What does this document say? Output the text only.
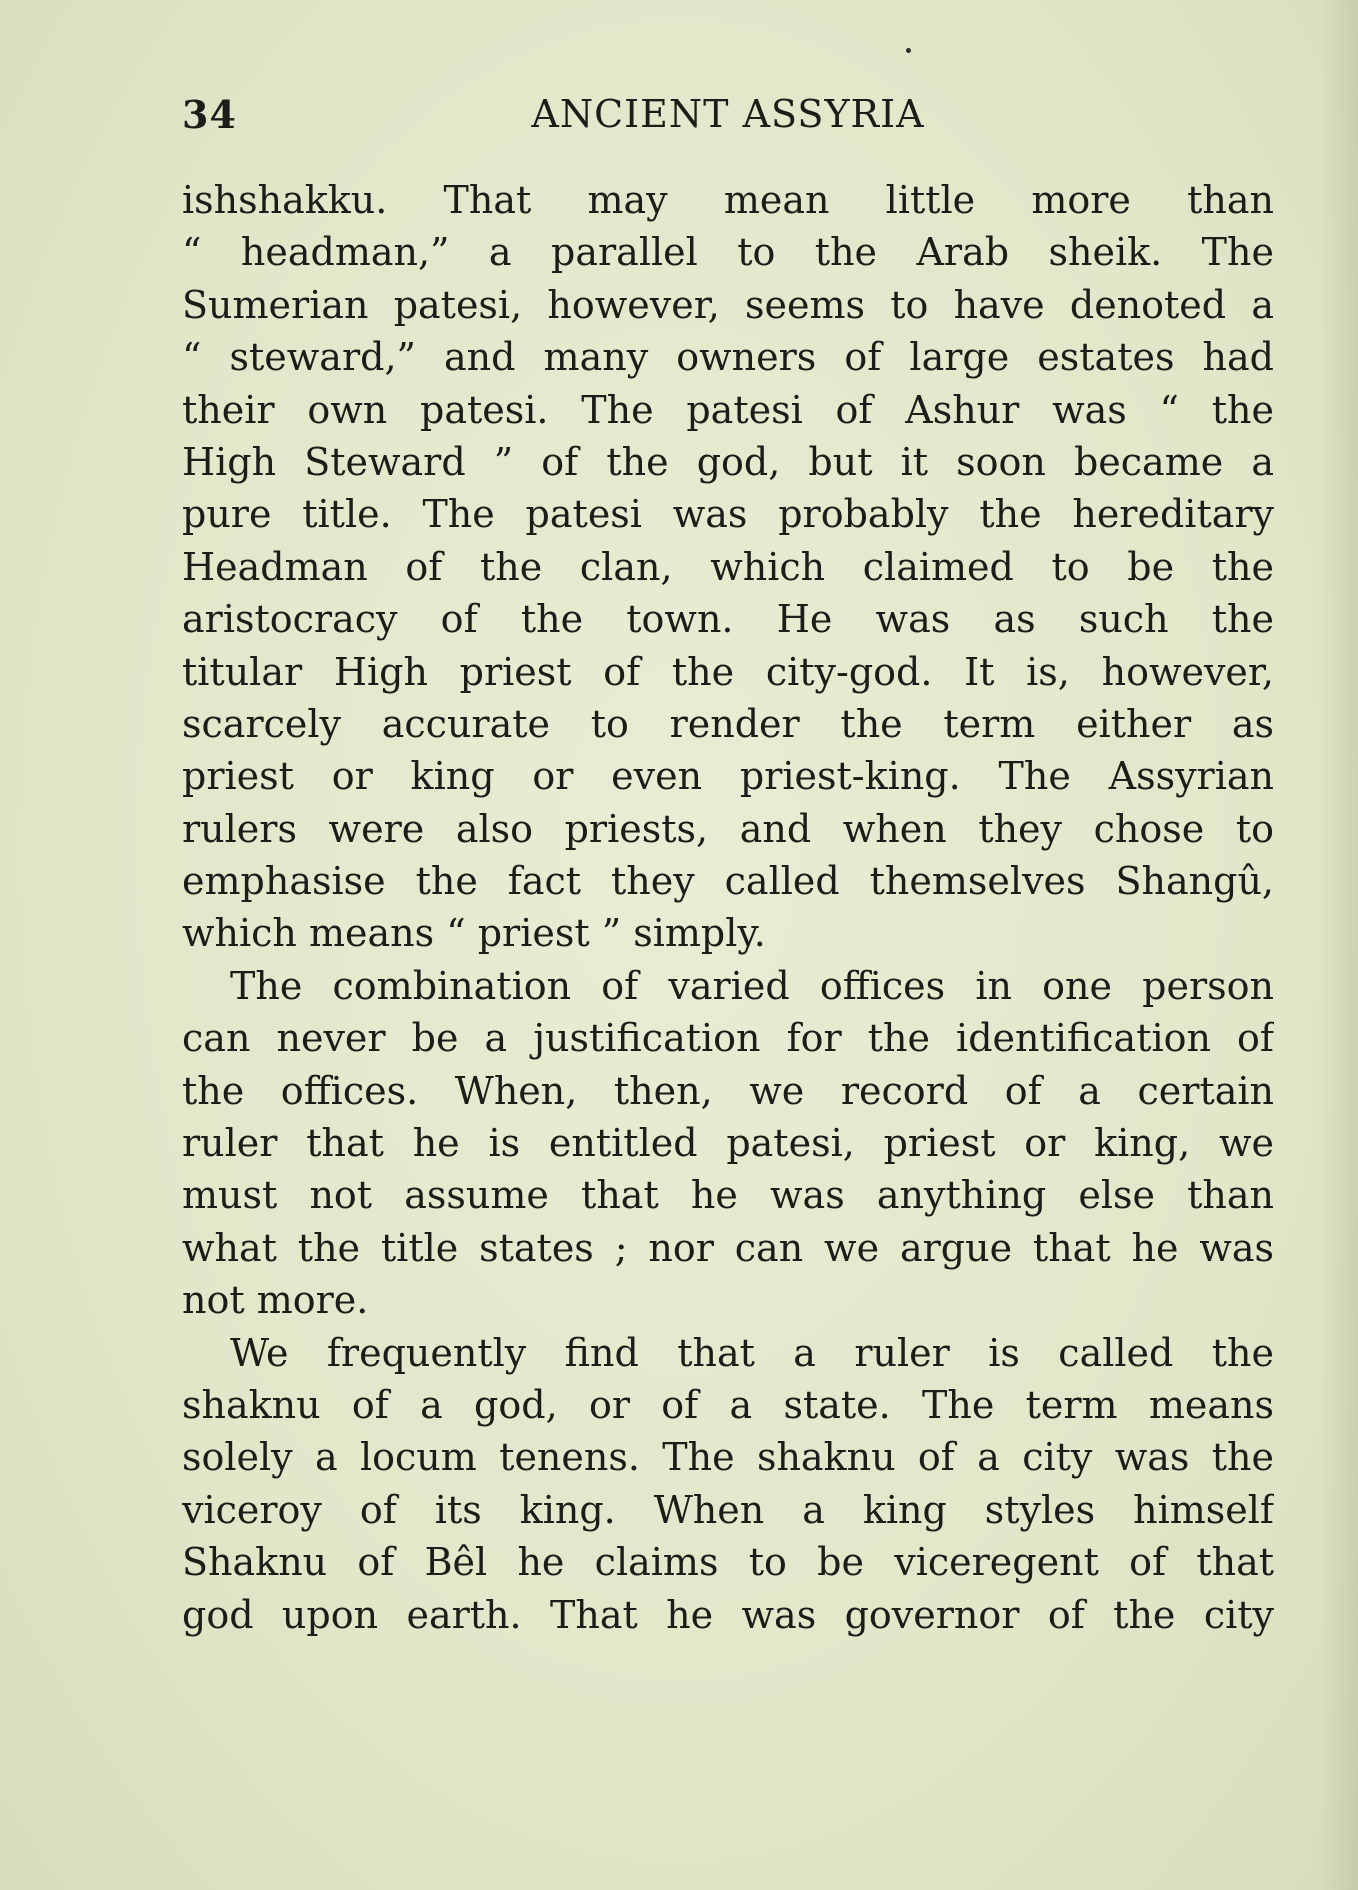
34	ANCIENT ASSYRIA
ishshakku. That may mean little more than
“ headman,” a parallel to the Arab sheik. The
Sumerian patesi, however, seems to have denoted a
“ steward,” and many owners of large estates had
their own patesi. The patesi of Ashur was “ the
High Steward ” of the god, but it soon became a
pure title. The patesi was probably the hereditary
Headman of the clan, which claimed to be the
aristocracy of the town. He was as such the
titular High priest of the city-god. It is, however,
scarcely accurate to render the term either as
priest or king or even priest-king. The Assyrian
rulers were also priests, and when they chose to
emphasise the fact they called themselves Shangû,
which means “ priest ” simply.
The combination of varied offices in one person
can never be a justification for the identification of
the offices. When, then, we record of a certain
ruler that he is entitled patesi, priest or king, we
must not assume that he was anything else than
what the title states ; nor can we argue that he was
not more.
We frequently find that a ruler is called the
shaknu of a god, or of a state. The term means
solely a locum tenens. The shaknu of a city was the
viceroy of its king. When a king styles himself
Shaknu of Bêl he claims to be viceregent of that
god upon earth. That he was governor of the city
